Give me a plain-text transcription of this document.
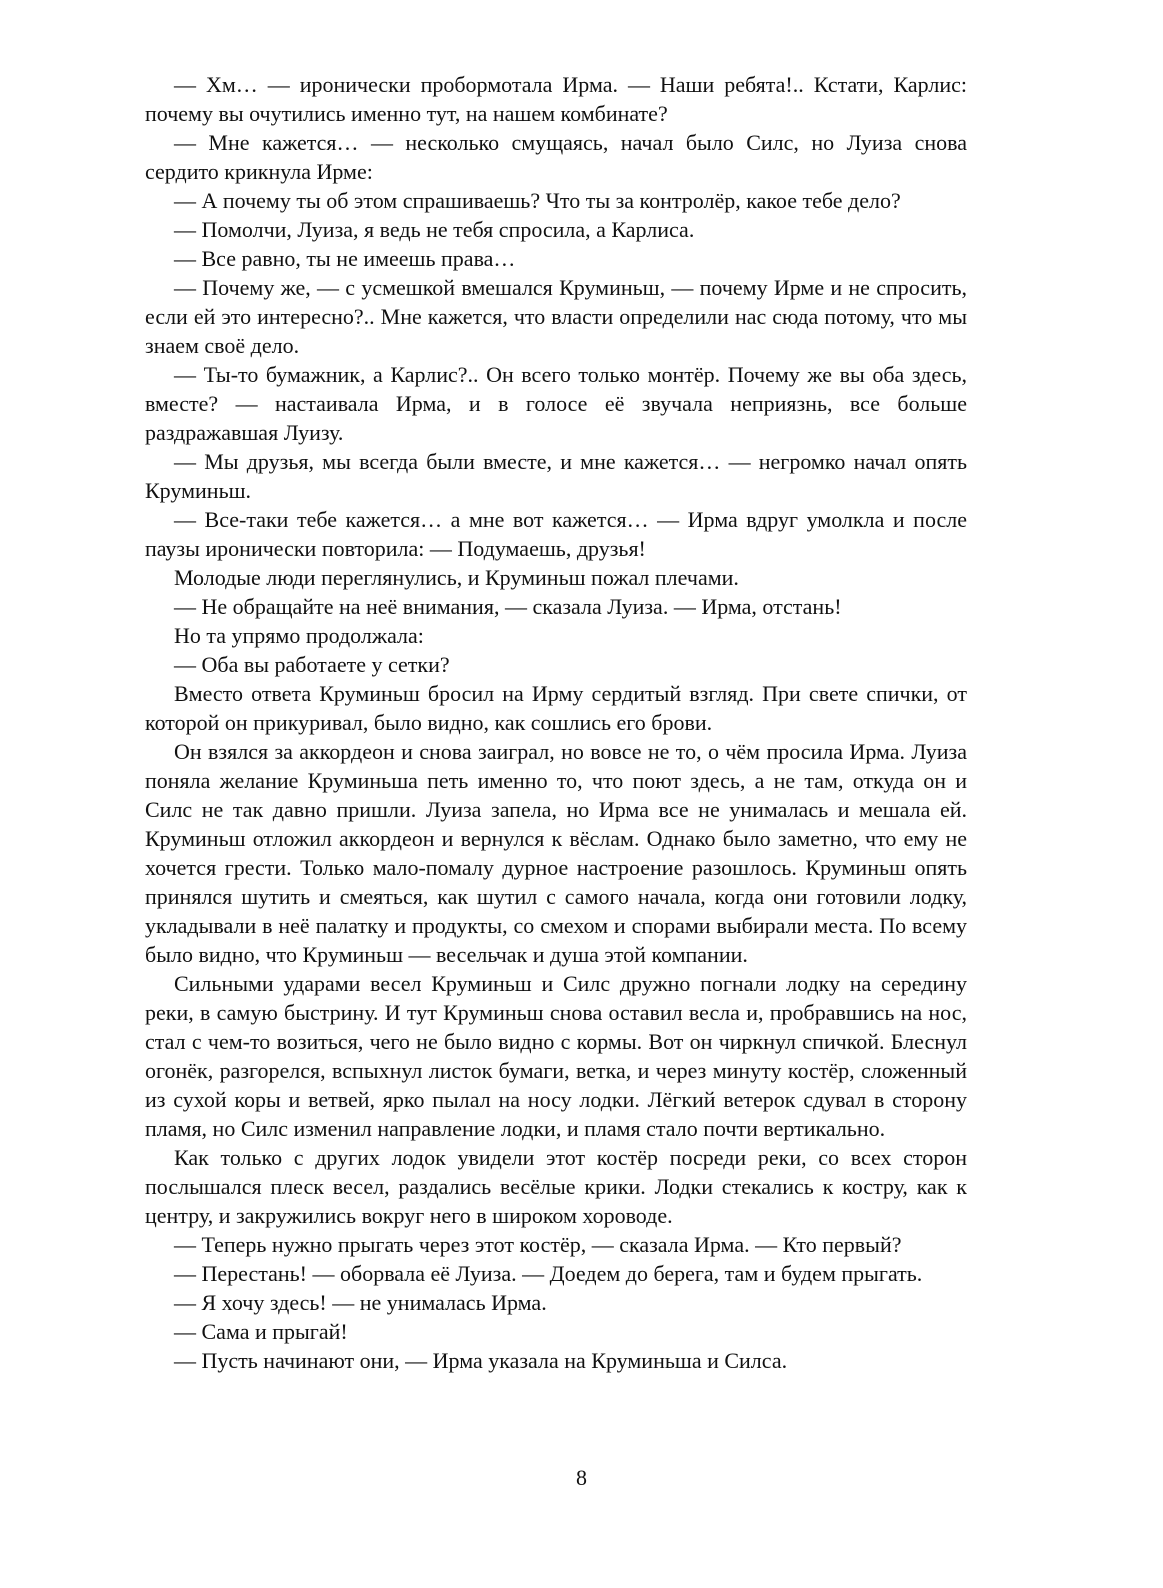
— Хм… — иронически пробормотала Ирма. — Наши ребята!.. Кстати, Карлис: почему вы очутились именно тут, на нашем комбинате?

— Мне кажется… — несколько смущаясь, начал было Силс, но Луиза снова сердито крикнула Ирме:

— А почему ты об этом спрашиваешь? Что ты за контролёр, какое тебе дело?

— Помолчи, Луиза, я ведь не тебя спросила, а Карлиса.

— Все равно, ты не имеешь права…

— Почему же, — с усмешкой вмешался Круминьш, — почему Ирме и не спросить, если ей это интересно?.. Мне кажется, что власти определили нас сюда потому, что мы знаем своё дело.

— Ты-то бумажник, а Карлис?.. Он всего только монтёр. Почему же вы оба здесь, вместе? — настаивала Ирма, и в голосе её звучала неприязнь, все больше раздражавшая Луизу.

— Мы друзья, мы всегда были вместе, и мне кажется… — негромко начал опять Круминьш.

— Все-таки тебе кажется… а мне вот кажется… — Ирма вдруг умолкла и после паузы иронически повторила: — Подумаешь, друзья!

Молодые люди переглянулись, и Круминьш пожал плечами.

— Не обращайте на неё внимания, — сказала Луиза. — Ирма, отстань!

Но та упрямо продолжала:

— Оба вы работаете у сетки?

Вместо ответа Круминьш бросил на Ирму сердитый взгляд. При свете спички, от которой он прикуривал, было видно, как сошлись его брови.

Он взялся за аккордеон и снова заиграл, но вовсе не то, о чём просила Ирма. Луиза поняла желание Круминьша петь именно то, что поют здесь, а не там, откуда он и Силс не так давно пришли. Луиза запела, но Ирма все не унималась и мешала ей. Круминьш отложил аккордеон и вернулся к вёслам. Однако было заметно, что ему не хочется грести. Только мало-помалу дурное настроение разошлось. Круминьш опять принялся шутить и смеяться, как шутил с самого начала, когда они готовили лодку, укладывали в неё палатку и продукты, со смехом и спорами выбирали места. По всему было видно, что Круминьш — весельчак и душа этой компании.

Сильными ударами весел Круминьш и Силс дружно погнали лодку на середину реки, в самую быстрину. И тут Круминьш снова оставил весла и, пробравшись на нос, стал с чем-то возиться, чего не было видно с кормы. Вот он чиркнул спичкой. Блеснул огонёк, разгорелся, вспыхнул листок бумаги, ветка, и через минуту костёр, сложенный из сухой коры и ветвей, ярко пылал на носу лодки. Лёгкий ветерок сдувал в сторону пламя, но Силс изменил направление лодки, и пламя стало почти вертикально.

Как только с других лодок увидели этот костёр посреди реки, со всех сторон послышался плеск весел, раздались весёлые крики. Лодки стекались к костру, как к центру, и закружились вокруг него в широком хороводе.

— Теперь нужно прыгать через этот костёр, — сказала Ирма. — Кто первый?

— Перестань! — оборвала её Луиза. — Доедем до берега, там и будем прыгать.

— Я хочу здесь! — не унималась Ирма.

— Сама и прыгай!

— Пусть начинают они, — Ирма указала на Круминьша и Силса.

8
